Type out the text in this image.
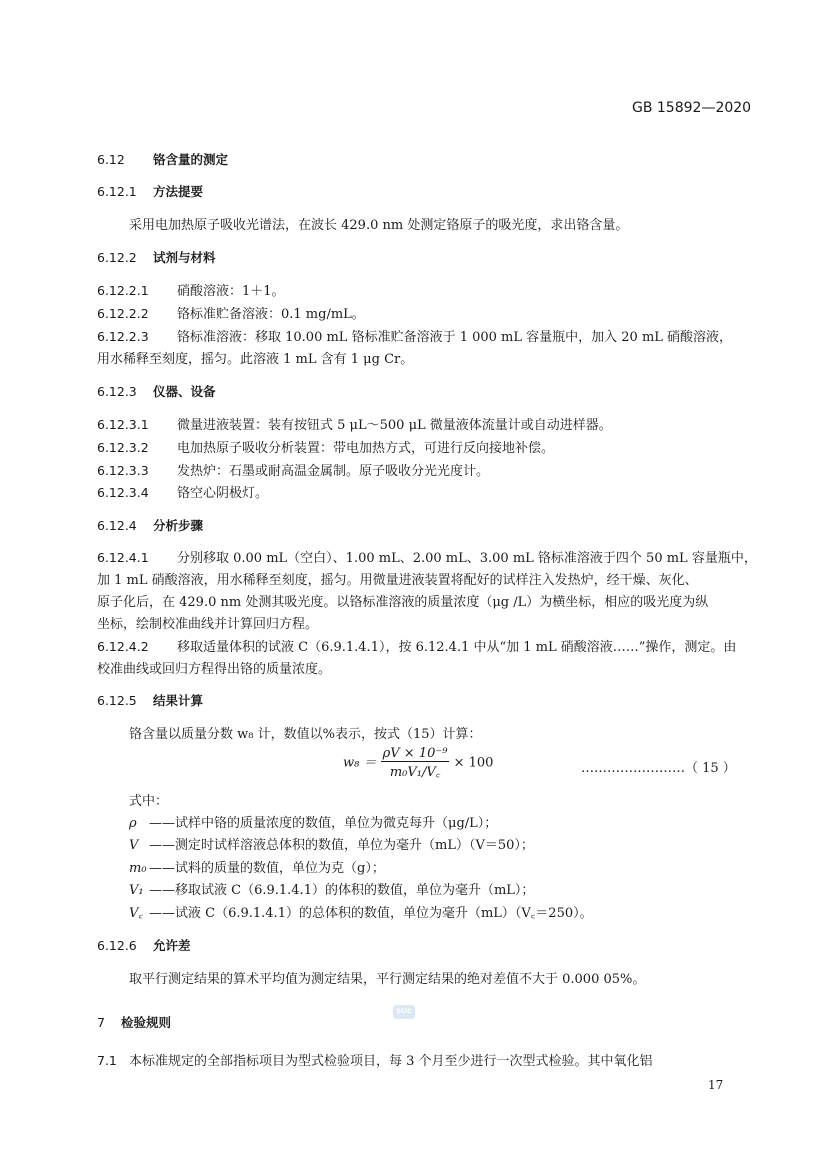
GB 15892—2020
6.12 铬含量的测定
6.12.1 方法提要
采用电加热原子吸收光谱法，在波长 429.0 nm 处测定铬原子的吸光度，求出铬含量。
6.12.2 试剂与材料
6.12.2.1 硝酸溶液：1＋1。
6.12.2.2 铬标准贮备溶液：0.1 mg/mL。
6.12.2.3 铬标准溶液：移取 10.00 mL 铬标准贮备溶液于 1 000 mL 容量瓶中，加入 20 mL 硝酸溶液，
用水稀释至刻度，摇匀。此溶液 1 mL 含有 1 μg Cr。
6.12.3 仪器、设备
6.12.3.1 微量进液装置：装有按钮式 5 μL～500 μL 微量液体流量计或自动进样器。
6.12.3.2 电加热原子吸收分析装置：带电加热方式，可进行反向接地补偿。
6.12.3.3 发热炉：石墨或耐高温金属制。原子吸收分光光度计。
6.12.3.4 铬空心阴极灯。
6.12.4 分析步骤
6.12.4.1 分别移取 0.00 mL（空白）、1.00 mL、2.00 mL、3.00 mL 铬标准溶液于四个 50 mL 容量瓶中，
加 1 mL 硝酸溶液，用水稀释至刻度，摇匀。用微量进液装置将配好的试样注入发热炉，经干燥、灰化、
原子化后，在 429.0 nm 处测其吸光度。以铬标准溶液的质量浓度（μg /L）为横坐标，相应的吸光度为纵
坐标，绘制校准曲线并计算回归方程。
6.12.4.2 移取适量体积的试液 C（6.9.1.4.1），按 6.12.4.1 中从“加 1 mL 硝酸溶液……”操作，测定。由
校准曲线或回归方程得出铬的质量浓度。
6.12.5 结果计算
铬含量以质量分数 w₈ 计，数值以%表示，按式（15）计算：
$w_8 = \frac{\text{ρV × 10⁻⁹}}{\text{m₀V₁/V꜀}} \times 100$	……………………（ 15 ）
式中：
ρ ——试样中铬的质量浓度的数值，单位为微克每升（μg/L）；
V ——测定时试样溶液总体积的数值，单位为毫升（mL）（V＝50）；
m₀ ——试料的质量的数值，单位为克（g）；
V₁ ——移取试液 C（6.9.1.4.1）的体积的数值，单位为毫升（mL）；
V꜀ ——试液 C（6.9.1.4.1）的总体积的数值，单位为毫升（mL）（V꜀＝250）。
6.12.6 允许差
取平行测定结果的算术平均值为测定结果，平行测定结果的绝对差值不大于 0.000 05%。
7 检验规则
SCIC
7.1 本标准规定的全部指标项目为型式检验项目，每 3 个月至少进行一次型式检验。其中氧化铝
17
